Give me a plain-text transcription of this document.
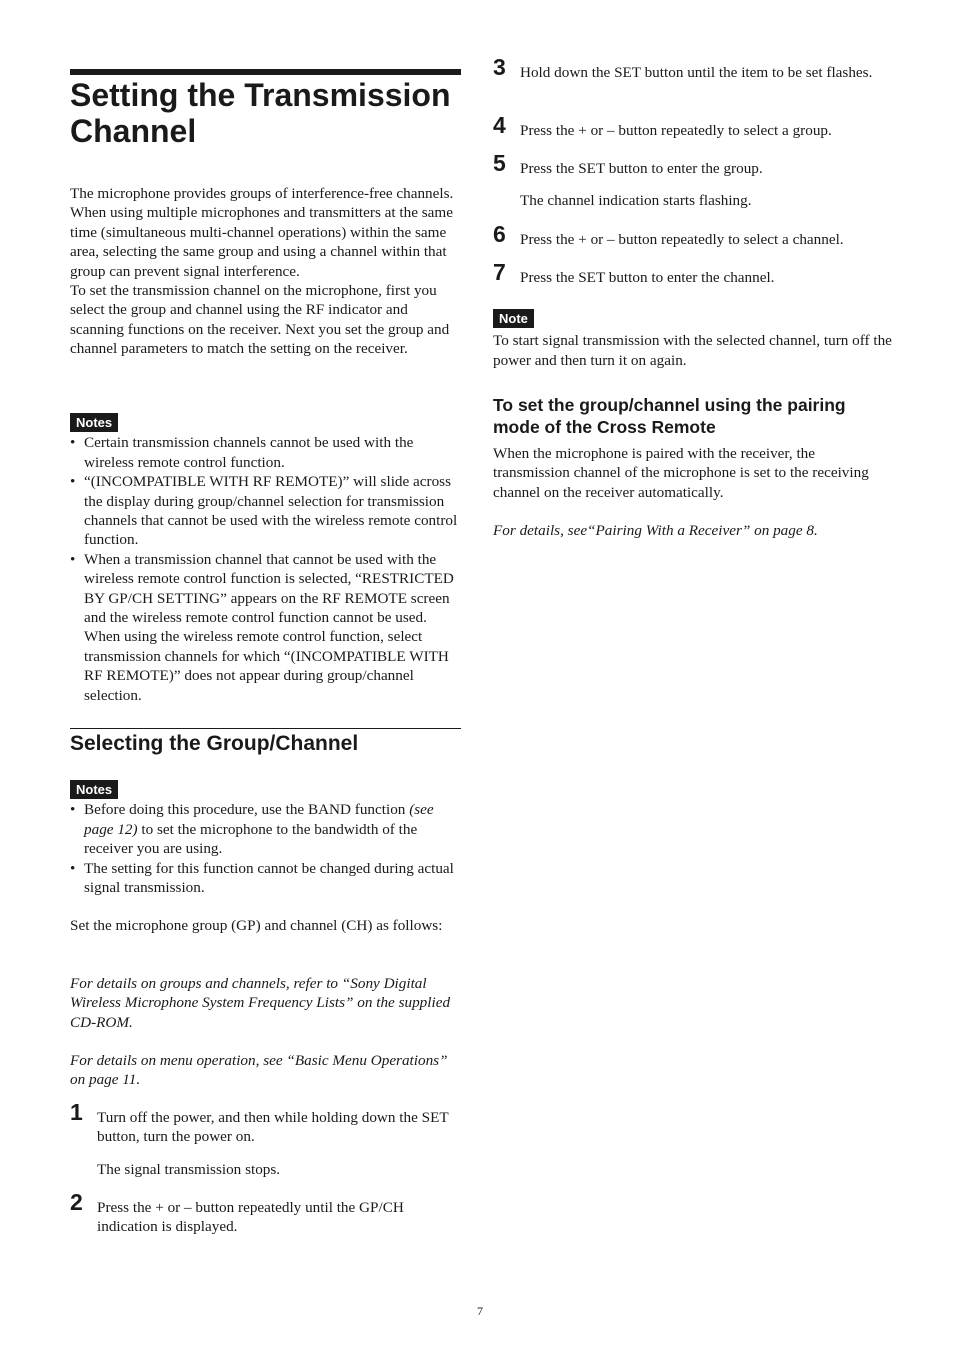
Setting the Transmission Channel

The microphone provides groups of interference-free channels. When using multiple microphones and transmitters at the same time (simultaneous multi-channel operations) within the same area, selecting the same group and using a channel within that group can prevent signal interference.

To set the transmission channel on the microphone, first you select the group and channel using the RF indicator and scanning functions on the receiver. Next you set the group and channel parameters to match the setting on the receiver.

Notes
• Certain transmission channels cannot be used with the wireless remote control function.
• “(INCOMPATIBLE WITH RF REMOTE)” will slide across the display during group/channel selection for transmission channels that cannot be used with the wireless remote control function.
• When a transmission channel that cannot be used with the wireless remote control function is selected, “RESTRICTED BY GP/CH SETTING” appears on the RF REMOTE screen and the wireless remote control function cannot be used. When using the wireless remote control function, select transmission channels for which “(INCOMPATIBLE WITH RF REMOTE)” does not appear during group/channel selection.
Selecting the Group/Channel
Notes
• Before doing this procedure, use the BAND function (see page 12) to set the microphone to the bandwidth of the receiver you are using.
• The setting for this function cannot be changed during actual signal transmission.

Set the microphone group (GP) and channel (CH) as follows:

For details on groups and channels, refer to “Sony Digital Wireless Microphone System Frequency Lists” on the supplied CD-ROM.

For details on menu operation, see “Basic Menu Operations” on page 11.

1 Turn off the power, and then while holding down the SET button, turn the power on.

The signal transmission stops.

2 Press the + or – button repeatedly until the GP/CH indication is displayed.

3 Hold down the SET button until the item to be set flashes.

4 Press the + or – button repeatedly to select a group.

5 Press the SET button to enter the group.

The channel indication starts flashing.

6 Press the + or – button repeatedly to select a channel.

7 Press the SET button to enter the channel.

Note

To start signal transmission with the selected channel, turn off the power and then turn it on again.

To set the group/channel using the pairing mode of the Cross Remote

When the microphone is paired with the receiver, the transmission channel of the microphone is set to the receiving channel on the receiver automatically.

For details, see“Pairing With a Receiver” on page 8.

7
